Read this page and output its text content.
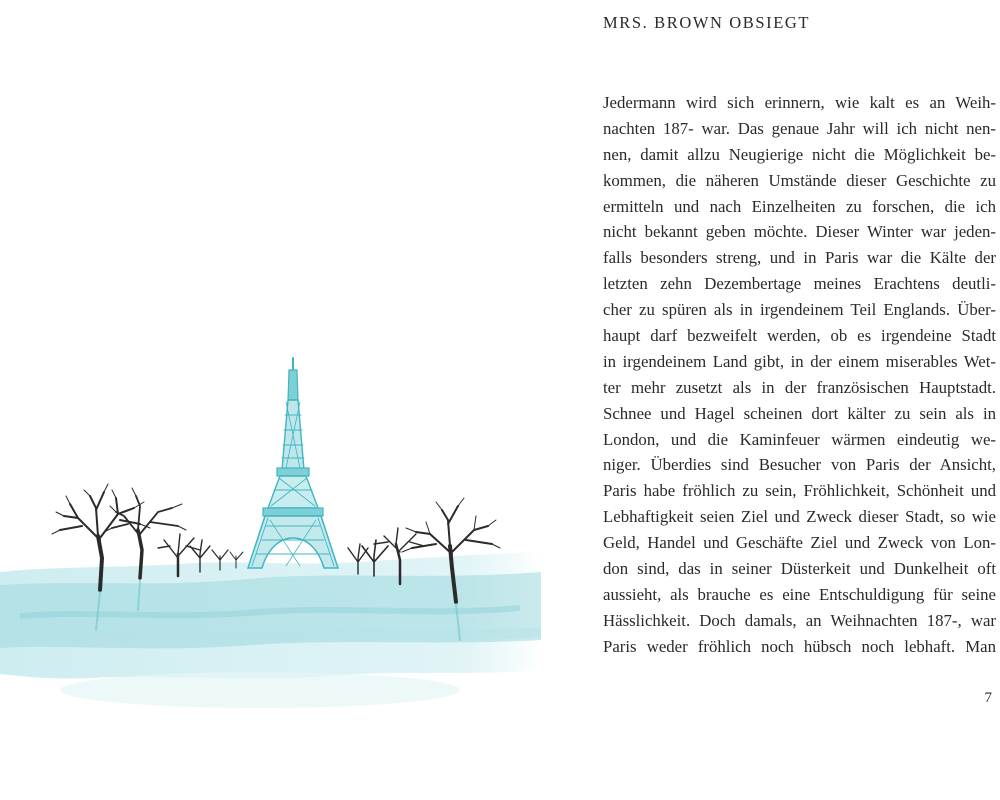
MRS. BROWN OBSIEGT
Jedermann wird sich erinnern, wie kalt es an Weih-
nachten 187- war. Das genaue Jahr will ich nicht nen-
nen, damit allzu Neugierige nicht die Möglichkeit be-
kommen, die näheren Umstände dieser Geschichte zu
ermitteln und nach Einzelheiten zu forschen, die ich
nicht bekannt geben möchte. Dieser Winter war jeden-
falls besonders streng, und in Paris war die Kälte der
letzten zehn Dezembertage meines Erachtens deutli-
cher zu spüren als in irgendeinem Teil Englands. Über-
haupt darf bezweifelt werden, ob es irgendeine Stadt
in irgendeinem Land gibt, in der einem miserables Wet-
ter mehr zusetzt als in der französischen Hauptstadt.
Schnee und Hagel scheinen dort kälter zu sein als in
London, und die Kaminfeuer wärmen eindeutig we-
niger. Überdies sind Besucher von Paris der Ansicht,
Paris habe fröhlich zu sein, Fröhlichkeit, Schönheit und
Lebhaftigkeit seien Ziel und Zweck dieser Stadt, so wie
Geld, Handel und Geschäfte Ziel und Zweck von Lon-
don sind, das in seiner Düsterkeit und Dunkelheit oft
aussieht, als brauche es eine Entschuldigung für seine
Hässlichkeit. Doch damals, an Weihnachten 187-, war
Paris weder fröhlich noch hübsch noch lebhaft. Man
7
